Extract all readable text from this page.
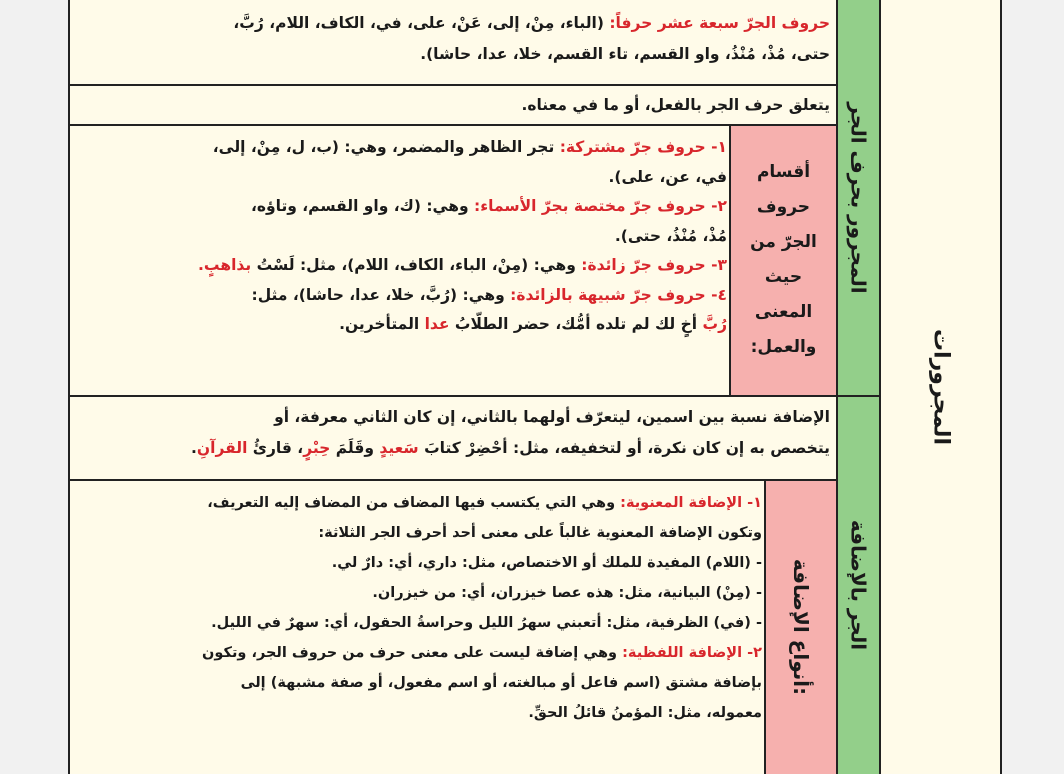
المجرورات
المجرور بحرف الجر
الجر بالإضافة
حروف الجرّ سبعة عشر حرفاً: (الباء، مِنْ، إلى، عَنْ، على، في، الكاف، اللام، رُبَّ،
حتى، مُذْ، مُنْذُ، واو القسم، تاء القسم، خلا، عدا، حاشا).
يتعلق حرف الجر بالفعل، أو ما في معناه.
أقسام
حروف
الجرّ من
حيث
المعنى
والعمل:
١- حروف جرّ مشتركة: تجر الظاهر والمضمر، وهي: (ب، ل، مِنْ، إلى،
في، عن، على).
٢- حروف جرّ مختصة بجرّ الأسماء: وهي: (ك، واو القسم، وتاؤه،
مُذْ، مُنْذُ، حتى).
٣- حروف جرّ زائدة: وهي: (مِنْ، الباء، الكاف، اللام)، مثل: لَسْتُ بذاهبٍ.
٤- حروف جرّ شبيهة بالزائدة: وهي: (رُبَّ، خلا، عدا، حاشا)، مثل:
رُبَّ أخٍ لك لم تلده أمُّك، حضر الطلّابُ عدا المتأخرين.
الإضافة نسبة بين اسمين، ليتعرّف أولهما بالثاني، إن كان الثاني معرفة، أو
يتخصص به إن كان نكرة، أو لتخفيفه، مثل: أحْضِرْ كتابَ سَعيدٍ وقَلَمَ حِبْرٍ، قارئُ القرآنِ.
أنواع الإضافة:
١- الإضافة المعنوية: وهي التي يكتسب فيها المضاف من المضاف إليه التعريف،
وتكون الإضافة المعنوية غالباً على معنى أحد أحرف الجر الثلاثة:
- (اللام) المفيدة للملك أو الاختصاص، مثل: داري، أي: دارٌ لي.
- (مِنْ) البيانية، مثل: هذه عصا خيزران، أي: من خيزران.
- (في) الظرفية، مثل: أتعبني سهرُ الليل وحراسةُ الحقول، أي: سهرٌ في الليل.
٢- الإضافة اللفظية: وهي إضافة ليست على معنى حرف من حروف الجر، وتكون
بإضافة مشتق (اسم فاعل أو مبالغته، أو اسم مفعول، أو صفة مشبهة) إلى
معموله، مثل: المؤمنُ قائلُ الحقِّ.
